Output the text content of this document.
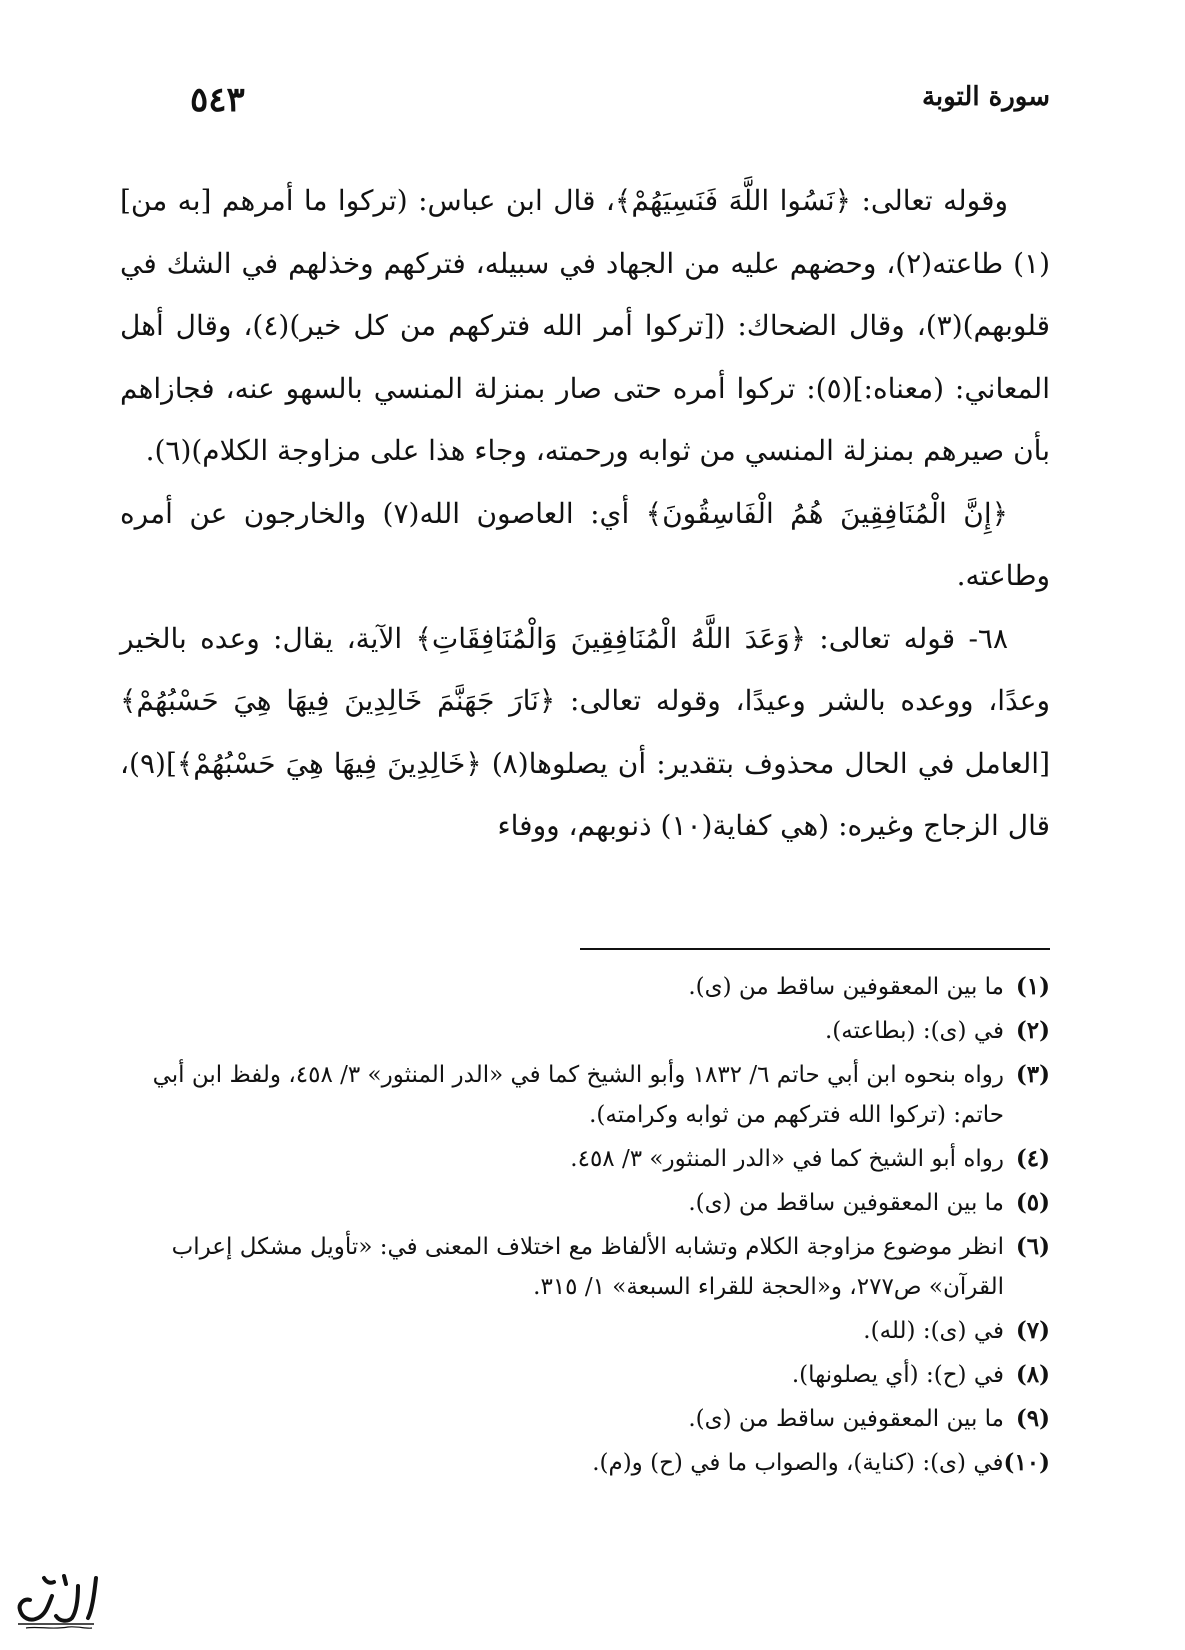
سورة التوبة
٥٤٣

وقوله تعالى: ﴿نَسُوا اللَّهَ فَنَسِيَهُمْ﴾، قال ابن عباس: (تركوا ما أمرهم [به من](١) طاعته(٢)، وحضهم عليه من الجهاد في سبيله، فتركهم وخذلهم في الشك في قلوبهم)(٣)، وقال الضحاك: ([تركوا أمر الله فتركهم من كل خير)(٤)، وقال أهل المعاني: (معناه:](٥): تركوا أمره حتى صار بمنزلة المنسي بالسهو عنه، فجازاهم بأن صيرهم بمنزلة المنسي من ثوابه ورحمته، وجاء هذا على مزاوجة الكلام)(٦).

﴿إِنَّ الْمُنَافِقِينَ هُمُ الْفَاسِقُونَ﴾ أي: العاصون الله(٧) والخارجون عن أمره وطاعته.

٦٨- قوله تعالى: ﴿وَعَدَ اللَّهُ الْمُنَافِقِينَ وَالْمُنَافِقَاتِ﴾ الآية، يقال: وعده بالخير وعدًا، ووعده بالشر وعيدًا، وقوله تعالى: ﴿نَارَ جَهَنَّمَ خَالِدِينَ فِيهَا هِيَ حَسْبُهُمْ﴾ [العامل في الحال محذوف بتقدير: أن يصلوها(٨) ﴿خَالِدِينَ فِيهَا هِيَ حَسْبُهُمْ﴾](٩)، قال الزجاج وغيره: (هي كفاية(١٠) ذنوبهم، ووفاء

(١)
ما بين المعقوفين ساقط من (ى).
(٢)
في (ى): (بطاعته).
(٣)
رواه بنحوه ابن أبي حاتم ٦/ ١٨٣٢ وأبو الشيخ كما في «الدر المنثور» ٣/ ٤٥٨، ولفظ ابن أبي حاتم: (تركوا الله فتركهم من ثوابه وكرامته).
(٤)
رواه أبو الشيخ كما في «الدر المنثور» ٣/ ٤٥٨.
(٥)
ما بين المعقوفين ساقط من (ى).
(٦)
انظر موضوع مزاوجة الكلام وتشابه الألفاظ مع اختلاف المعنى في: «تأويل مشكل إعراب القرآن» ص٢٧٧، و«الحجة للقراء السبعة» ١/ ٣١٥.
(٧)
في (ى): (لله).
(٨)
في (ح): (أي يصلونها).
(٩)
ما بين المعقوفين ساقط من (ى).
(١٠)
في (ى): (كناية)، والصواب ما في (ح) و(م).
